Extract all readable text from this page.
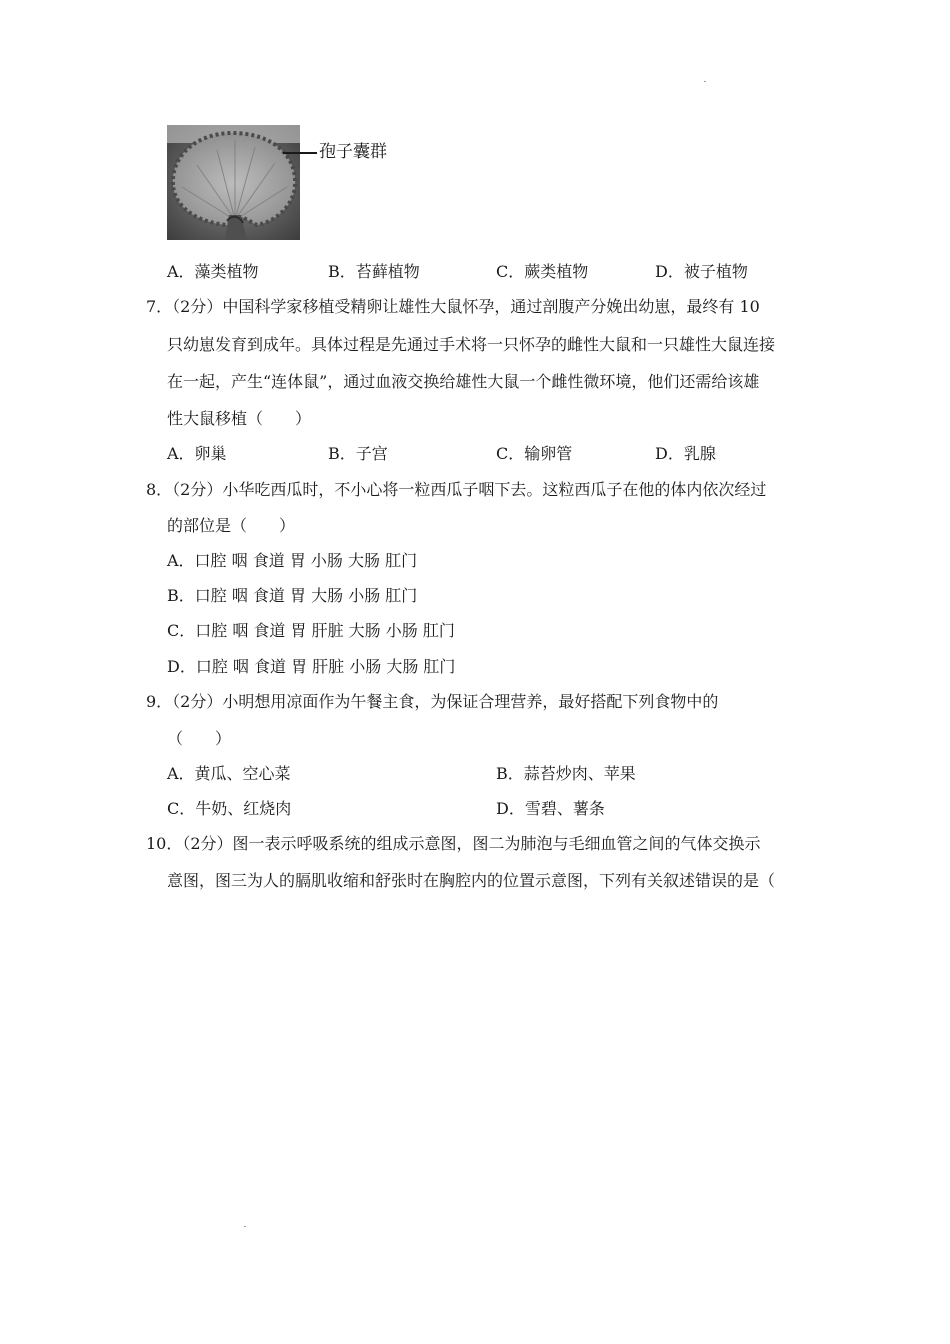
孢子囊群
A．藻类植物	B．苔藓植物	C．蕨类植物	D．被子植物
7．（2分）中国科学家移植受精卵让雄性大鼠怀孕，通过剖腹产分娩出幼崽，最终有 10
只幼崽发育到成年。具体过程是先通过手术将一只怀孕的雌性大鼠和一只雄性大鼠连接
在一起，产生“连体鼠”，通过血液交换给雄性大鼠一个雌性微环境，他们还需给该雄
性大鼠移植（　　）
A．卵巢	B．子宫	C．输卵管	D．乳腺
8．（2分）小华吃西瓜时，不小心将一粒西瓜子咽下去。这粒西瓜子在他的体内依次经过
的部位是（　　）
A．口腔 咽 食道 胃 小肠 大肠 肛门
B．口腔 咽 食道 胃 大肠 小肠 肛门
C．口腔 咽 食道 胃 肝脏 大肠 小肠 肛门
D．口腔 咽 食道 胃 肝脏 小肠 大肠 肛门
9．（2分）小明想用凉面作为午餐主食，为保证合理营养，最好搭配下列食物中的
（　　）
A．黄瓜、空心菜	B．蒜苔炒肉、苹果
C．牛奶、红烧肉	D．雪碧、薯条
10．（2分）图一表示呼吸系统的组成示意图，图二为肺泡与毛细血管之间的气体交换示
意图，图三为人的膈肌收缩和舒张时在胸腔内的位置示意图，下列有关叙述错误的是（
